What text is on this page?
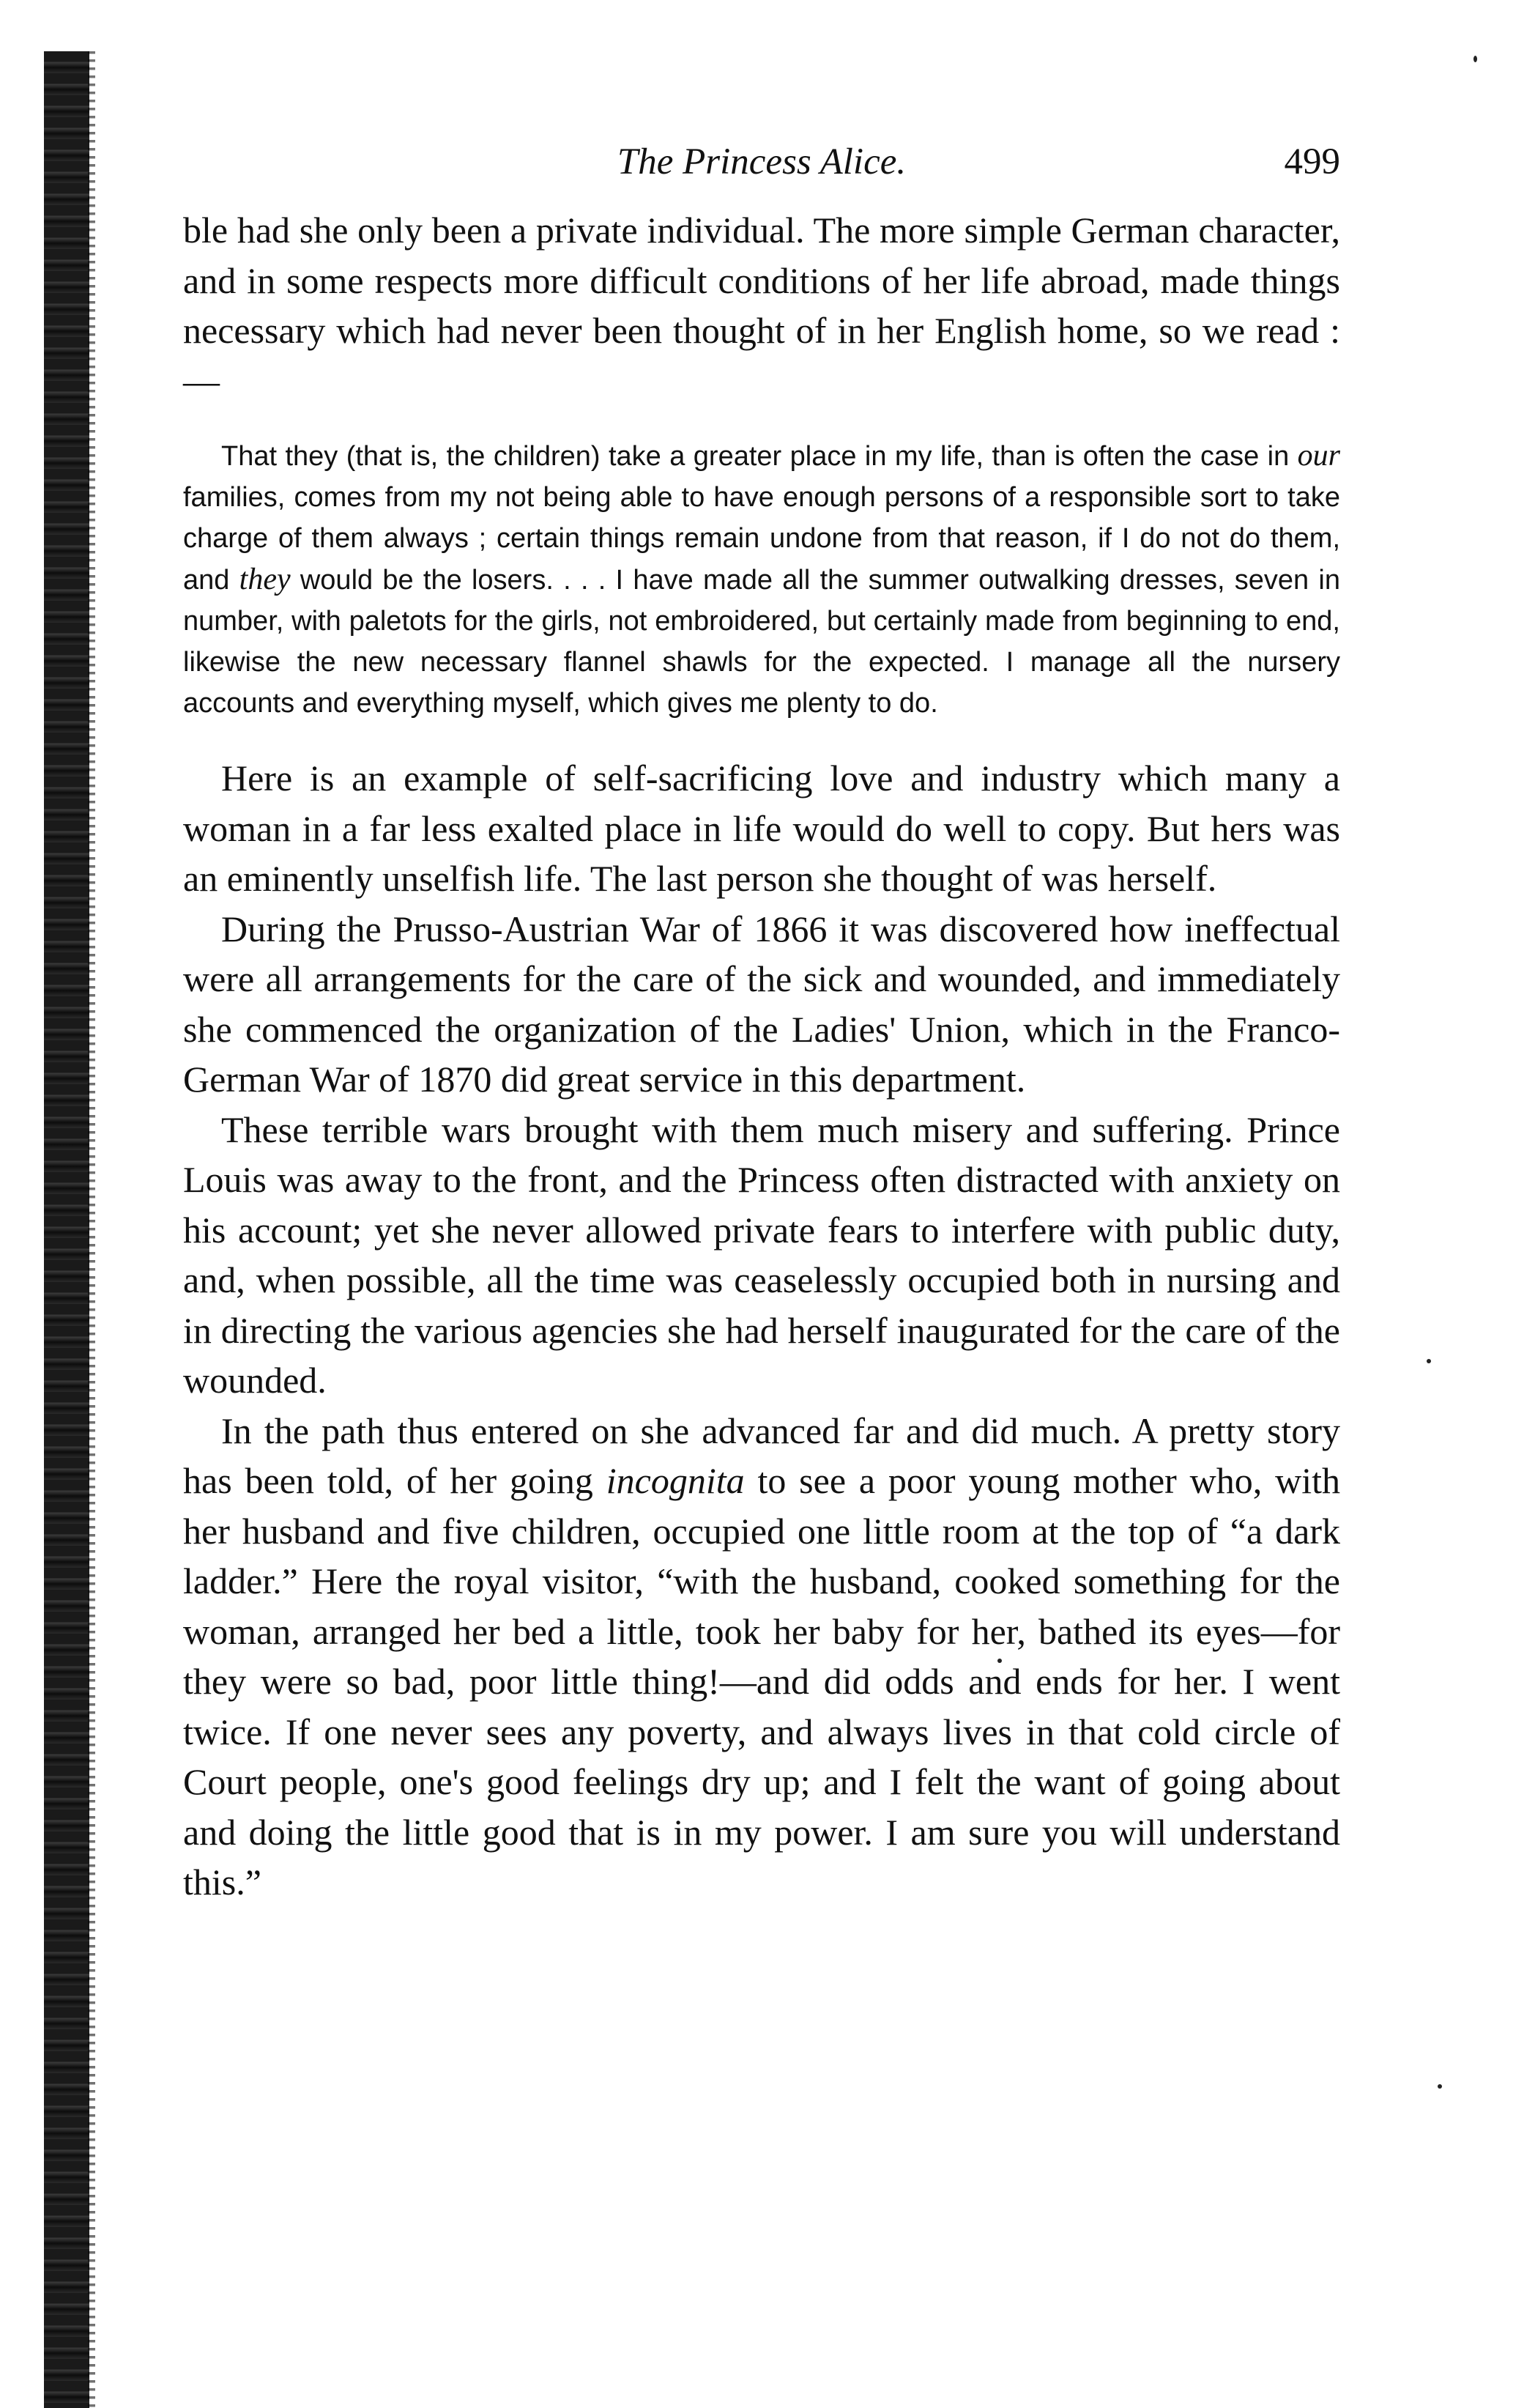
The Princess Alice.	499

ble had she only been a private individual. The more simple German character, and in some respects more difficult conditions of her life abroad, made things necessary which had never been thought of in her English home, so we read :—

That they (that is, the children) take a greater place in my life, than is often the case in our families, comes from my not being able to have enough persons of a responsible sort to take charge of them always ; certain things remain undone from that reason, if I do not do them, and they would be the losers. . . . I have made all the summer outwalking dresses, seven in number, with paletots for the girls, not embroidered, but certainly made from beginning to end, likewise the new necessary flannel shawls for the expected. I manage all the nursery accounts and everything myself, which gives me plenty to do.

Here is an example of self-sacrificing love and industry which many a woman in a far less exalted place in life would do well to copy. But hers was an eminently unselfish life. The last person she thought of was herself.

During the Prusso-Austrian War of 1866 it was discovered how ineffectual were all arrangements for the care of the sick and wounded, and immediately she commenced the organization of the Ladies' Union, which in the Franco-German War of 1870 did great service in this department.

These terrible wars brought with them much misery and suffering. Prince Louis was away to the front, and the Princess often distracted with anxiety on his account; yet she never allowed private fears to interfere with public duty, and, when possible, all the time was ceaselessly occupied both in nursing and in directing the various agencies she had herself inaugurated for the care of the wounded.

In the path thus entered on she advanced far and did much. A pretty story has been told, of her going incognita to see a poor young mother who, with her husband and five children, occupied one little room at the top of “a dark ladder.” Here the royal visitor, “with the husband, cooked something for the woman, arranged her bed a little, took her baby for her, bathed its eyes—for they were so bad, poor little thing!—and did odds and ends for her. I went twice. If one never sees any poverty, and always lives in that cold circle of Court people, one's good feelings dry up; and I felt the want of going about and doing the little good that is in my power. I am sure you will understand this.”
